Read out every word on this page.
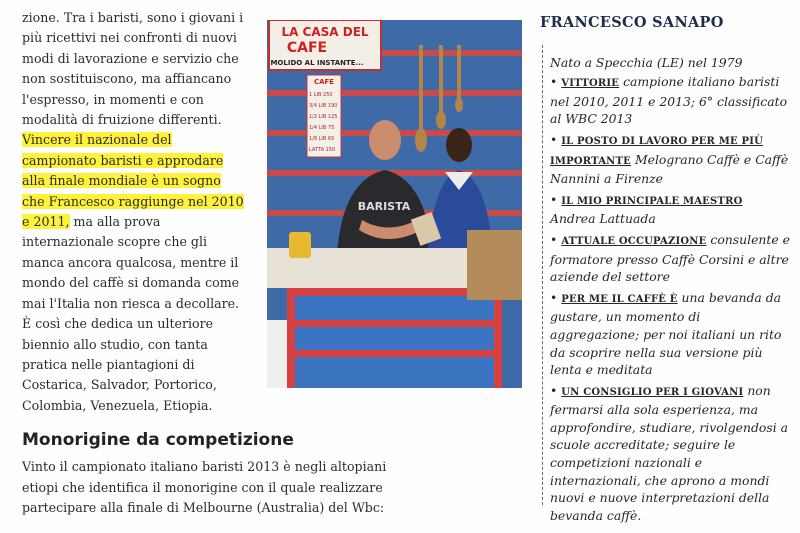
zione. Tra i baristi, sono i giovani i più ricettivi nei confronti di nuovi modi di lavorazione e servizio che non sostituiscono, ma affiancano l'espresso, in momenti e con modalità di fruizione differenti. Vincere il nazionale del campionato baristi e approdare alla finale mondiale è un sogno che Francesco raggiunge nel 2010 e 2011, ma alla prova internazionale scopre che gli manca ancora qualcosa, mentre il mondo del caffè si domanda come mai l'Italia non riesca a decollare. È così che dedica un ulteriore biennio allo studio, con tanta pratica nelle piantagioni di Costarica, Salvador, Portorico, Colombia, Venezuela, Etiopia.

LA CASA DEL
CAFE
MOLIDO AL INSTANTE...
CAFE
1 LIB 250
3/4 LIB 190
1/2 LIB 125
1/4 LIB 75
1/8 LIB 65
LATTA 150
BARISTA
Monorigine da competizione

Vinto il campionato italiano baristi 2013 è negli altopiani etiopi che identifica il monorigine con il quale realizzare partecipare alla finale di Melbourne (Australia) del Wbc:

FRANCESCO SANAPO

Nato a Specchia (LE) nel 1979

• VITTORIE campione italiano baristi nel 2010, 2011 e 2013; 6° classificato al WBC 2013

• IL POSTO DI LAVORO PER ME PIÙ IMPORTANTE Melograno Caffè e Caffè Nannini a Firenze

• IL MIO PRINCIPALE MAESTRO Andrea Lattuada

• ATTUALE OCCUPAZIONE consulente e formatore presso Caffè Corsini e altre aziende del settore

• PER ME IL CAFFÈ È una bevanda da gustare, un momento di aggregazione; per noi italiani un rito da scoprire nella sua versione più lenta e meditata

• UN CONSIGLIO PER I GIOVANI non fermarsi alla sola esperienza, ma approfondire, studiare, rivolgendosi a scuole accreditate; seguire le competizioni nazionali e internazionali, che aprono a mondi nuovi e nuove interpretazioni della bevanda caffè.
